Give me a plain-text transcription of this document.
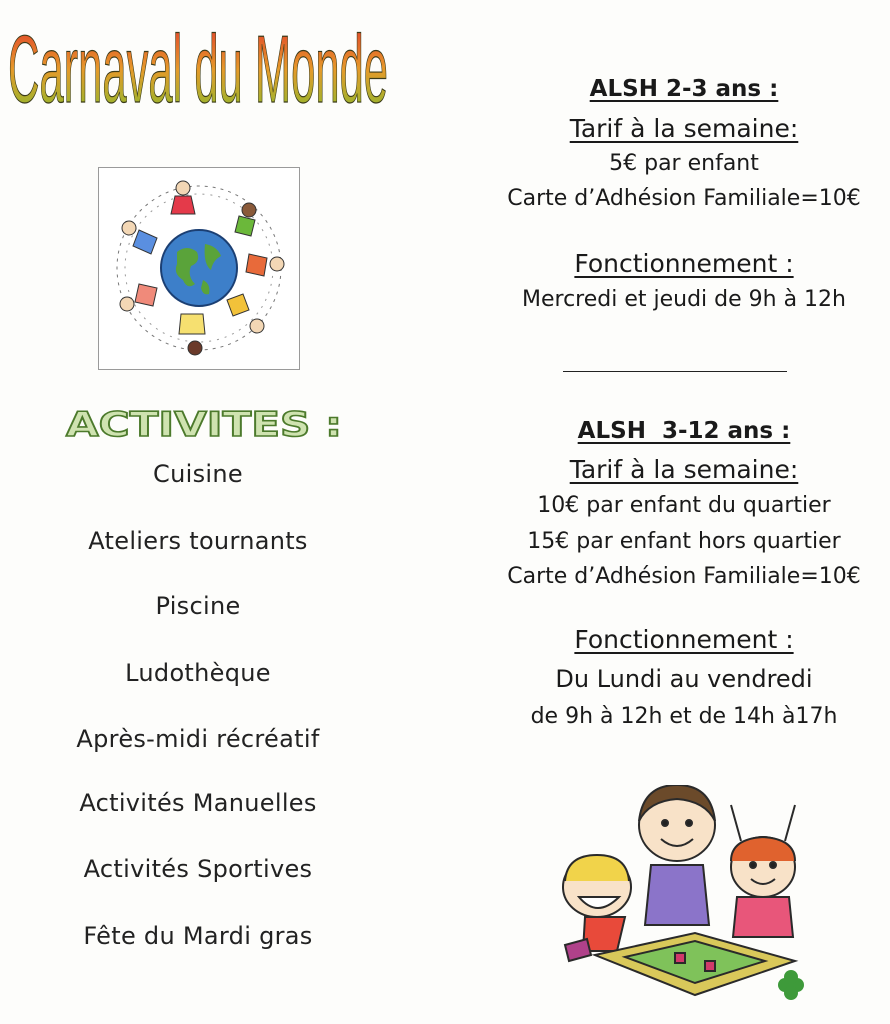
Carnaval du Monde
ACTIVITES :
Cuisine
Ateliers tournants
Piscine
Ludothèque
Après-midi récréatif
Activités Manuelles
Activités Sportives
Fête du Mardi gras
ALSH 2-3 ans :
Tarif à la semaine:
5€ par enfant
Carte d’Adhésion Familiale=10€
Fonctionnement :
Mercredi et jeudi de 9h à 12h
ALSH  3-12 ans :
Tarif à la semaine:
10€ par enfant du quartier
15€ par enfant hors quartier
Carte d’Adhésion Familiale=10€
Fonctionnement :
Du Lundi au vendredi
de 9h à 12h et de 14h à17h
